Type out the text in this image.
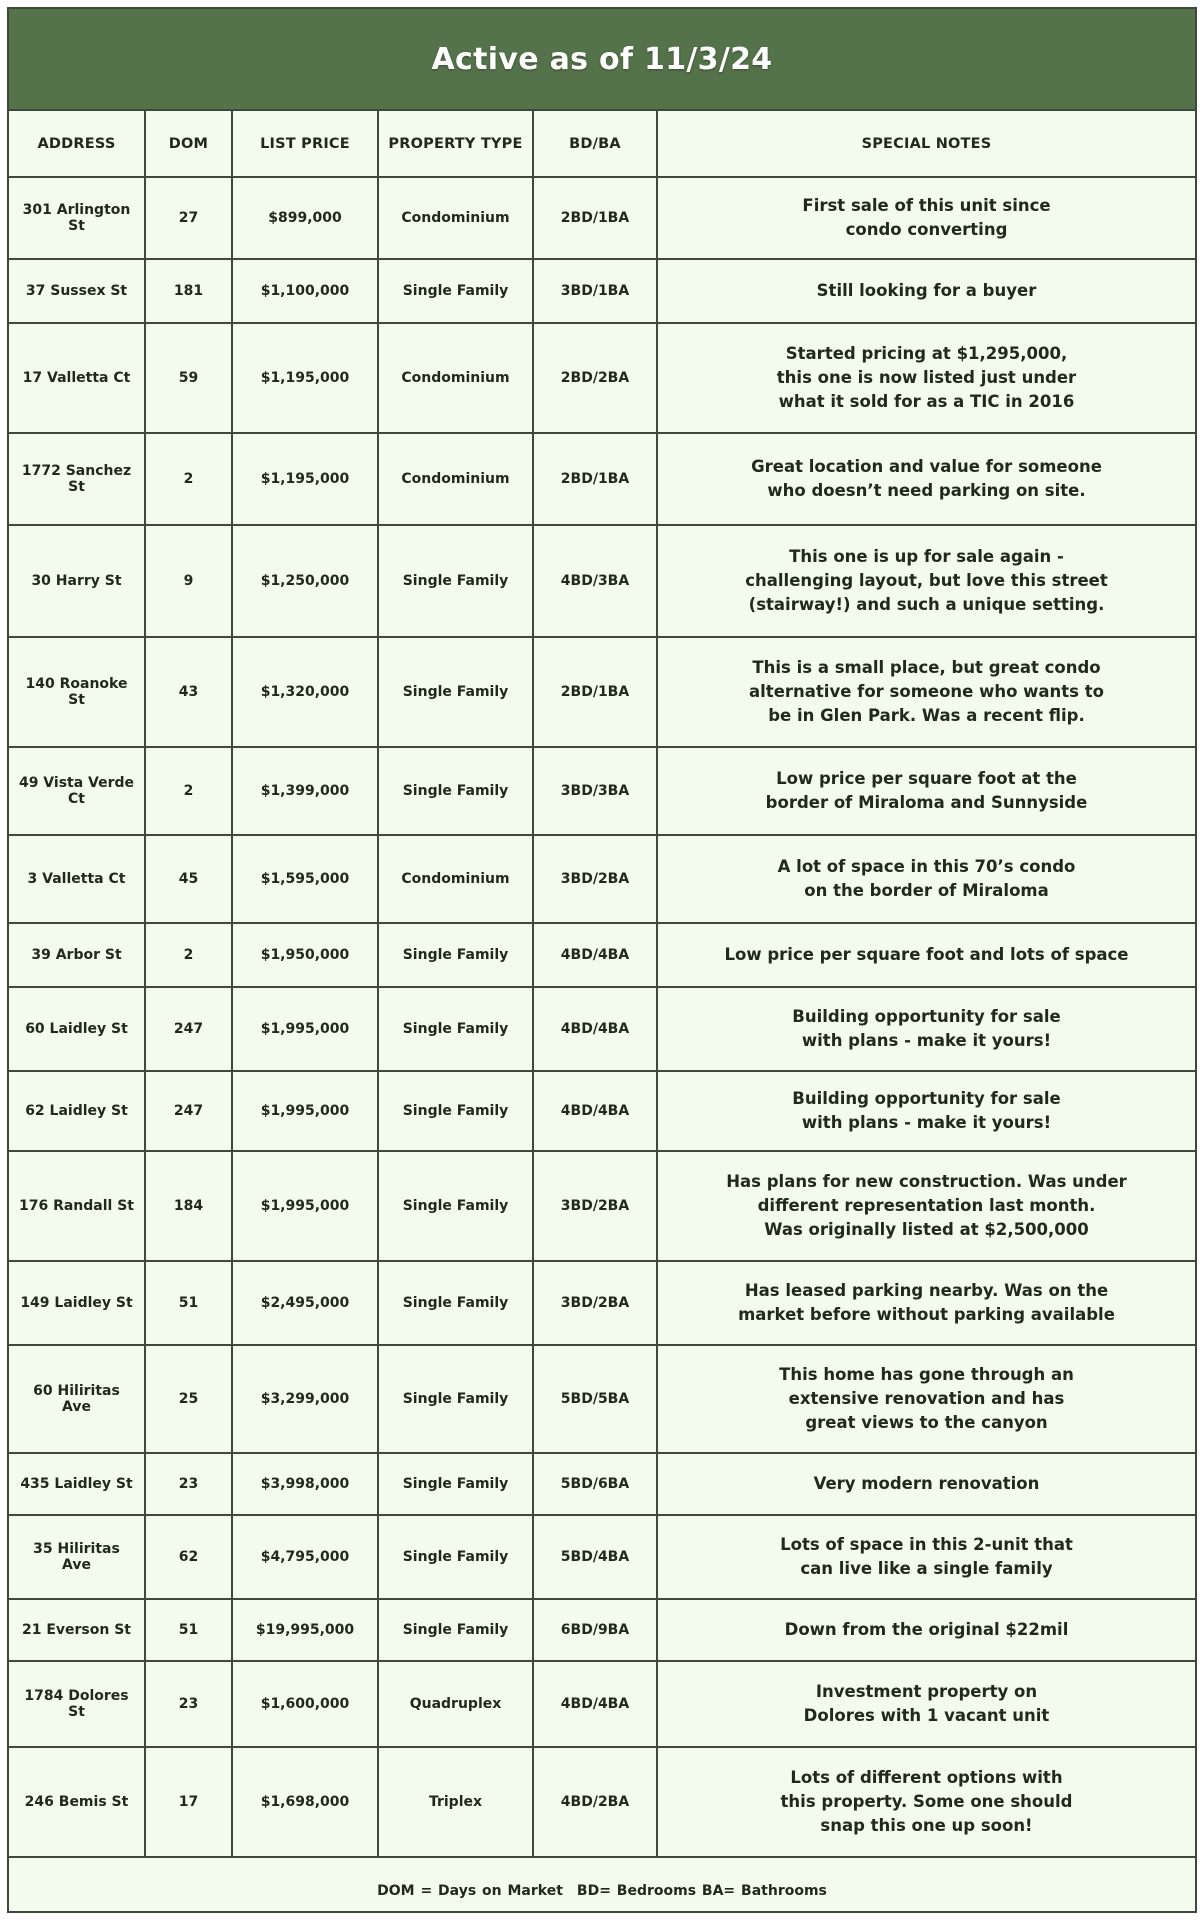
Active as of 11/3/24
ADDRESS	DOM	LIST PRICE	PROPERTY TYPE	BD/BA	SPECIAL NOTES
301 Arlington St	27	$899,000	Condominium	2BD/1BA	First sale of this unit since
condo converting
37 Sussex St	181	$1,100,000	Single Family	3BD/1BA	Still looking for a buyer
17 Valletta Ct	59	$1,195,000	Condominium	2BD/2BA	Started pricing at $1,295,000,
this one is now listed just under
what it sold for as a TIC in 2016
1772 Sanchez St	2	$1,195,000	Condominium	2BD/1BA	Great location and value for someone
who doesn’t need parking on site.
30 Harry St	9	$1,250,000	Single Family	4BD/3BA	This one is up for sale again -
challenging layout, but love this street
(stairway!) and such a unique setting.
140 Roanoke St	43	$1,320,000	Single Family	2BD/1BA	This is a small place, but great condo
alternative for someone who wants to
be in Glen Park. Was a recent flip.
49 Vista Verde Ct	2	$1,399,000	Single Family	3BD/3BA	Low price per square foot at the
border of Miraloma and Sunnyside
3 Valletta Ct	45	$1,595,000	Condominium	3BD/2BA	A lot of space in this 70’s condo
on the border of Miraloma
39 Arbor St	2	$1,950,000	Single Family	4BD/4BA	Low price per square foot and lots of space
60 Laidley St	247	$1,995,000	Single Family	4BD/4BA	Building opportunity for sale
with plans - make it yours!
62 Laidley St	247	$1,995,000	Single Family	4BD/4BA	Building opportunity for sale
with plans - make it yours!
176 Randall St	184	$1,995,000	Single Family	3BD/2BA	Has plans for new construction. Was under
different representation last month.
Was originally listed at $2,500,000
149 Laidley St	51	$2,495,000	Single Family	3BD/2BA	Has leased parking nearby. Was on the
market before without parking available
60 Hiliritas Ave	25	$3,299,000	Single Family	5BD/5BA	This home has gone through an
extensive renovation and has
great views to the canyon
435 Laidley St	23	$3,998,000	Single Family	5BD/6BA	Very modern renovation
35 Hiliritas Ave	62	$4,795,000	Single Family	5BD/4BA	Lots of space in this 2-unit that
can live like a single family
21 Everson St	51	$19,995,000	Single Family	6BD/9BA	Down from the original $22mil
1784 Dolores St	23	$1,600,000	Quadruplex	4BD/4BA	Investment property on
Dolores with 1 vacant unit
246 Bemis St	17	$1,698,000	Triplex	4BD/2BA	Lots of different options with
this property. Some one should
snap this one up soon!
DOM = Days on Market BD= Bedrooms BA= Bathrooms
